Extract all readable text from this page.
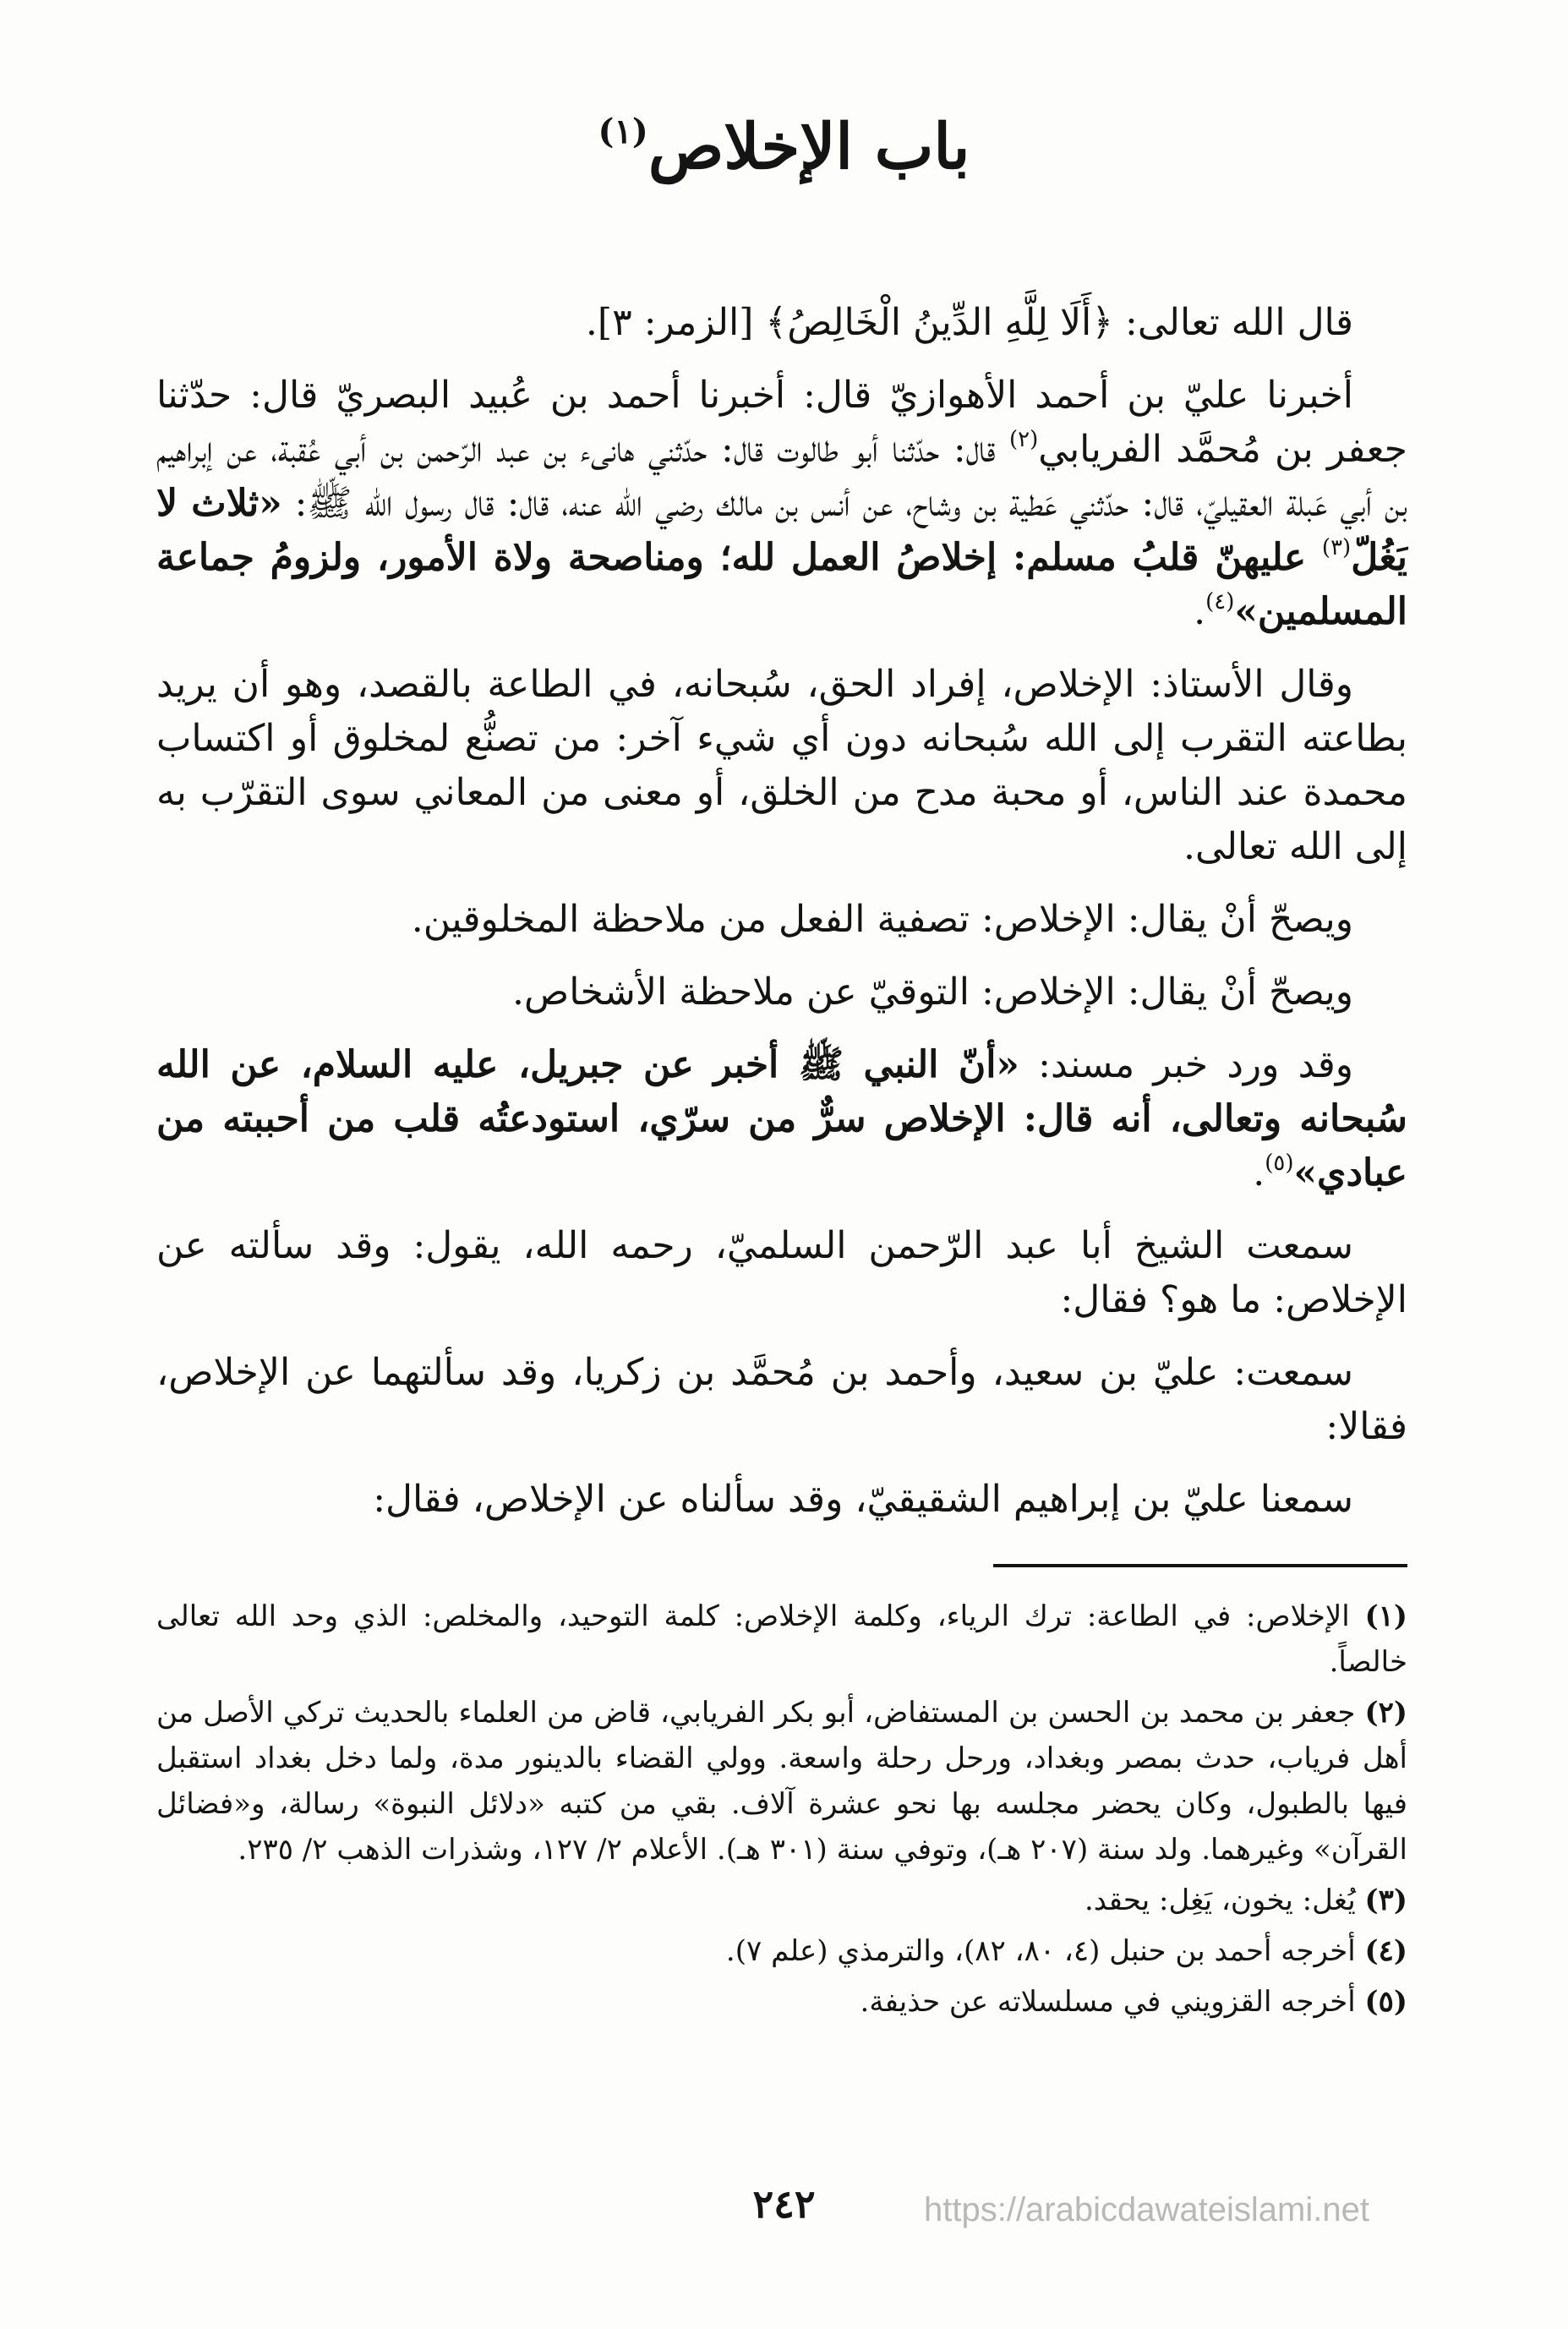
باب الإخلاص$^{(١)}$

قال الله تعالى: ﴿أَلَا لِلَّهِ الدِّينُ الْخَالِصُ﴾ [الزمر: ٣].

أخبرنا عليّ بن أحمد الأهوازيّ قال: أخبرنا أحمد بن عُبيد البصريّ قال: حدّثنا جعفر بن مُحمَّد الفريابي$^{(٢)}$ قال: حدّثنا أبو طالوت قال: حدّثني هانىء بن عبد الرّحمن بن أبي عُقبة، عن إبراهيم بن أبي عَبلة العقيليّ، قال: حدّثني عَطية بن وشاح، عن أنس بن مالك رضي الله عنه، قال: قال رسول الله ﷺ: «ثلاث لا يَغُلّ$^{(٣)}$ عليهنّ قلبُ مسلم: إخلاصُ العمل لله؛ ومناصحة ولاة الأمور، ولزومُ جماعة المسلمين»$^{(٤)}$.

وقال الأستاذ: الإخلاص، إفراد الحق، سُبحانه، في الطاعة بالقصد، وهو أن يريد بطاعته التقرب إلى الله سُبحانه دون أي شيء آخر: من تصنُّع لمخلوق أو اكتساب محمدة عند الناس، أو محبة مدح من الخلق، أو معنى من المعاني سوى التقرّب به إلى الله تعالى.

ويصحّ أنْ يقال: الإخلاص: تصفية الفعل من ملاحظة المخلوقين.

ويصحّ أنْ يقال: الإخلاص: التوقيّ عن ملاحظة الأشخاص.

وقد ورد خبر مسند: «أنّ النبي ﷺ أخبر عن جبريل، عليه السلام، عن الله سُبحانه وتعالى، أنه قال: الإخلاص سرٌّ من سرّي، استودعتُه قلب من أحببته من عبادي»$^{(٥)}$.

سمعت الشيخ أبا عبد الرّحمن السلميّ، رحمه الله، يقول: وقد سألته عن الإخلاص: ما هو؟ فقال:

سمعت: عليّ بن سعيد، وأحمد بن مُحمَّد بن زكريا، وقد سألتهما عن الإخلاص، فقالا:

سمعنا عليّ بن إبراهيم الشقيقيّ، وقد سألناه عن الإخلاص، فقال:

(١) الإخلاص: في الطاعة: ترك الرياء، وكلمة الإخلاص: كلمة التوحيد، والمخلص: الذي وحد الله تعالى خالصاً.

(٢) جعفر بن محمد بن الحسن بن المستفاض، أبو بكر الفريابي، قاض من العلماء بالحديث تركي الأصل من أهل فرياب، حدث بمصر وبغداد، ورحل رحلة واسعة. وولي القضاء بالدينور مدة، ولما دخل بغداد استقبل فيها بالطبول، وكان يحضر مجلسه بها نحو عشرة آلاف. بقي من كتبه «دلائل النبوة» رسالة، و«فضائل القرآن» وغيرهما. ولد سنة (٢٠٧ هـ)، وتوفي سنة (٣٠١ هـ). الأعلام ٢/ ١٢٧، وشذرات الذهب ٢/ ٢٣٥.

(٣) يُغل: يخون، يَغِل: يحقد.

(٤) أخرجه أحمد بن حنبل (٤، ٨٠، ٨٢)، والترمذي (علم ٧).

(٥) أخرجه القزويني في مسلسلاته عن حذيفة.

٢٤٢	https://arabicdawateislami.net
